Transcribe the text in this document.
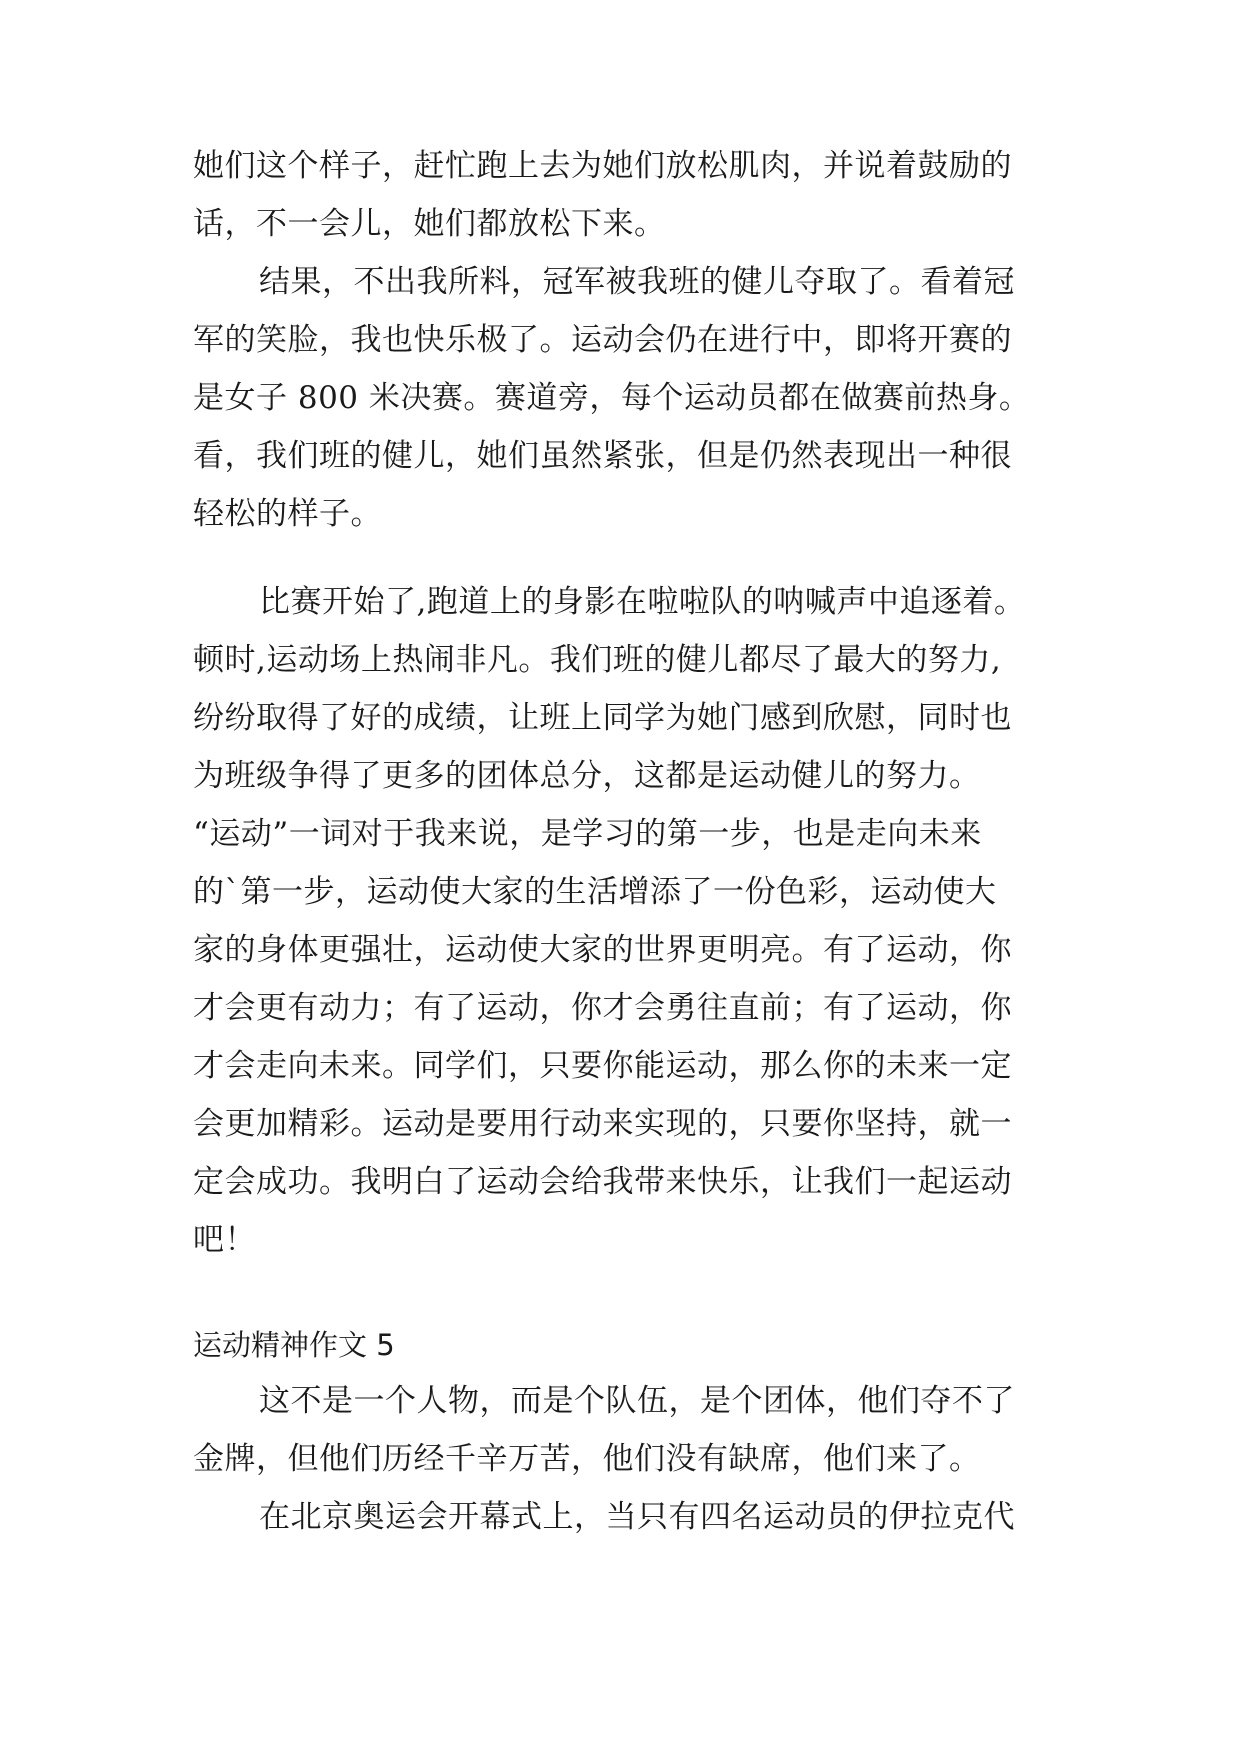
她们这个样子，赶忙跑上去为她们放松肌肉，并说着鼓励的
话，不一会儿，她们都放松下来。
结果，不出我所料，冠军被我班的健儿夺取了。看着冠
军的笑脸，我也快乐极了。运动会仍在进行中，即将开赛的
是女子 800 米决赛。赛道旁，每个运动员都在做赛前热身。
看，我们班的健儿，她们虽然紧张，但是仍然表现出一种很
轻松的样子。
比赛开始了,跑道上的身影在啦啦队的呐喊声中追逐着。
顿时,运动场上热闹非凡。我们班的健儿都尽了最大的努力,
纷纷取得了好的成绩，让班上同学为她门感到欣慰，同时也
为班级争得了更多的团体总分，这都是运动健儿的努力。
“运动”一词对于我来说，是学习的第一步，也是走向未来
的`第一步，运动使大家的生活增添了一份色彩，运动使大
家的身体更强壮，运动使大家的世界更明亮。有了运动，你
才会更有动力；有了运动，你才会勇往直前；有了运动，你
才会走向未来。同学们，只要你能运动，那么你的未来一定
会更加精彩。运动是要用行动来实现的，只要你坚持，就一
定会成功。我明白了运动会给我带来快乐，让我们一起运动
吧！
运动精神作文 5
这不是一个人物，而是个队伍，是个团体，他们夺不了
金牌，但他们历经千辛万苦，他们没有缺席，他们来了。
在北京奥运会开幕式上，当只有四名运动员的伊拉克代
